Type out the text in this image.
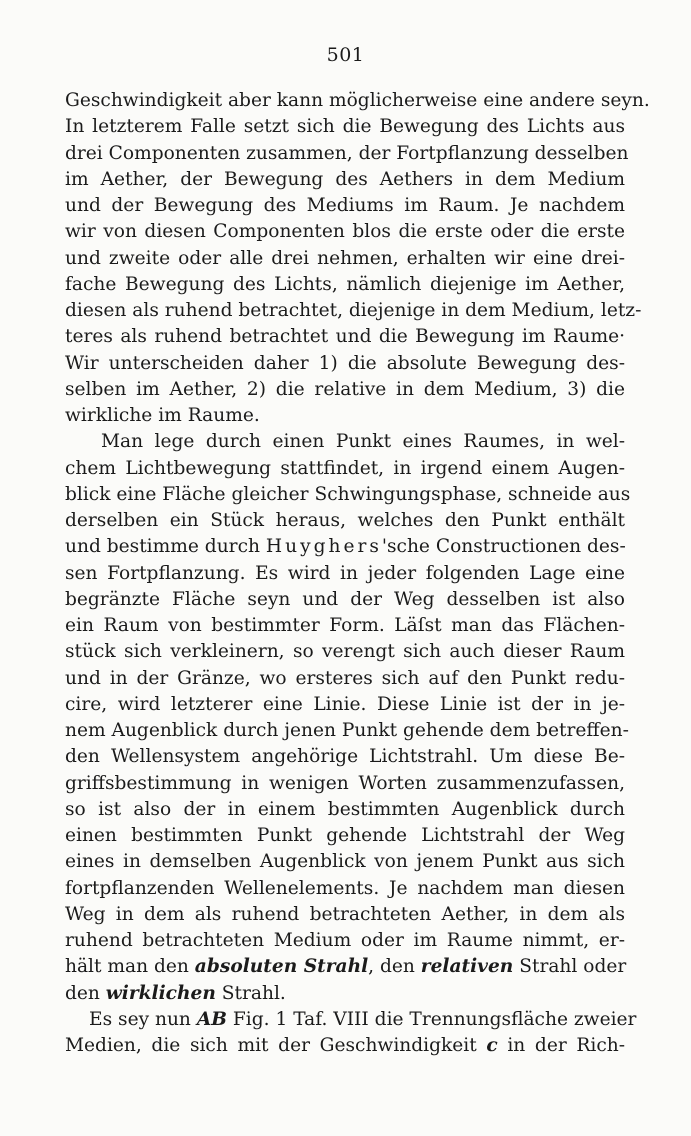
501
Geschwindigkeit aber kann möglicherweise eine andere seyn.
In letzterem Falle setzt sich die Bewegung des Lichts aus
drei Componenten zusammen, der Fortpflanzung desselben
im Aether, der Bewegung des Aethers in dem Medium
und der Bewegung des Mediums im Raum. Je nachdem
wir von diesen Componenten blos die erste oder die erste
und zweite oder alle drei nehmen, erhalten wir eine drei-
fache Bewegung des Lichts, nämlich diejenige im Aether,
diesen als ruhend betrachtet, diejenige in dem Medium, letz-
teres als ruhend betrachtet und die Bewegung im Raume·
Wir unterscheiden daher 1) die absolute Bewegung des-
selben im Aether, 2) die relative in dem Medium, 3) die
wirkliche im Raume.
Man lege durch einen Punkt eines Raumes, in wel-
chem Lichtbewegung stattfindet, in irgend einem Augen-
blick eine Fläche gleicher Schwingungsphase, schneide aus
derselben ein Stück heraus, welches den Punkt enthält
und bestimme durch Huyghers'sche Constructionen des-
sen Fortpflanzung. Es wird in jeder folgenden Lage eine
begränzte Fläche seyn und der Weg desselben ist also
ein Raum von bestimmter Form. Läſst man das Flächen-
stück sich verkleinern, so verengt sich auch dieser Raum
und in der Gränze, wo ersteres sich auf den Punkt redu-
cire, wird letzterer eine Linie. Diese Linie ist der in je-
nem Augenblick durch jenen Punkt gehende dem betreffen-
den Wellensystem angehörige Lichtstrahl. Um diese Be-
griffsbestimmung in wenigen Worten zusammenzufassen,
so ist also der in einem bestimmten Augenblick durch
einen bestimmten Punkt gehende Lichtstrahl der Weg
eines in demselben Augenblick von jenem Punkt aus sich
fortpflanzenden Wellenelements. Je nachdem man diesen
Weg in dem als ruhend betrachteten Aether, in dem als
ruhend betrachteten Medium oder im Raume nimmt, er-
hält man den absoluten Strahl, den relativen Strahl oder
den wirklichen Strahl.
Es sey nun AB Fig. 1 Taf. VIII die Trennungsfläche zweier
Medien, die sich mit der Geschwindigkeit c in der Rich-
